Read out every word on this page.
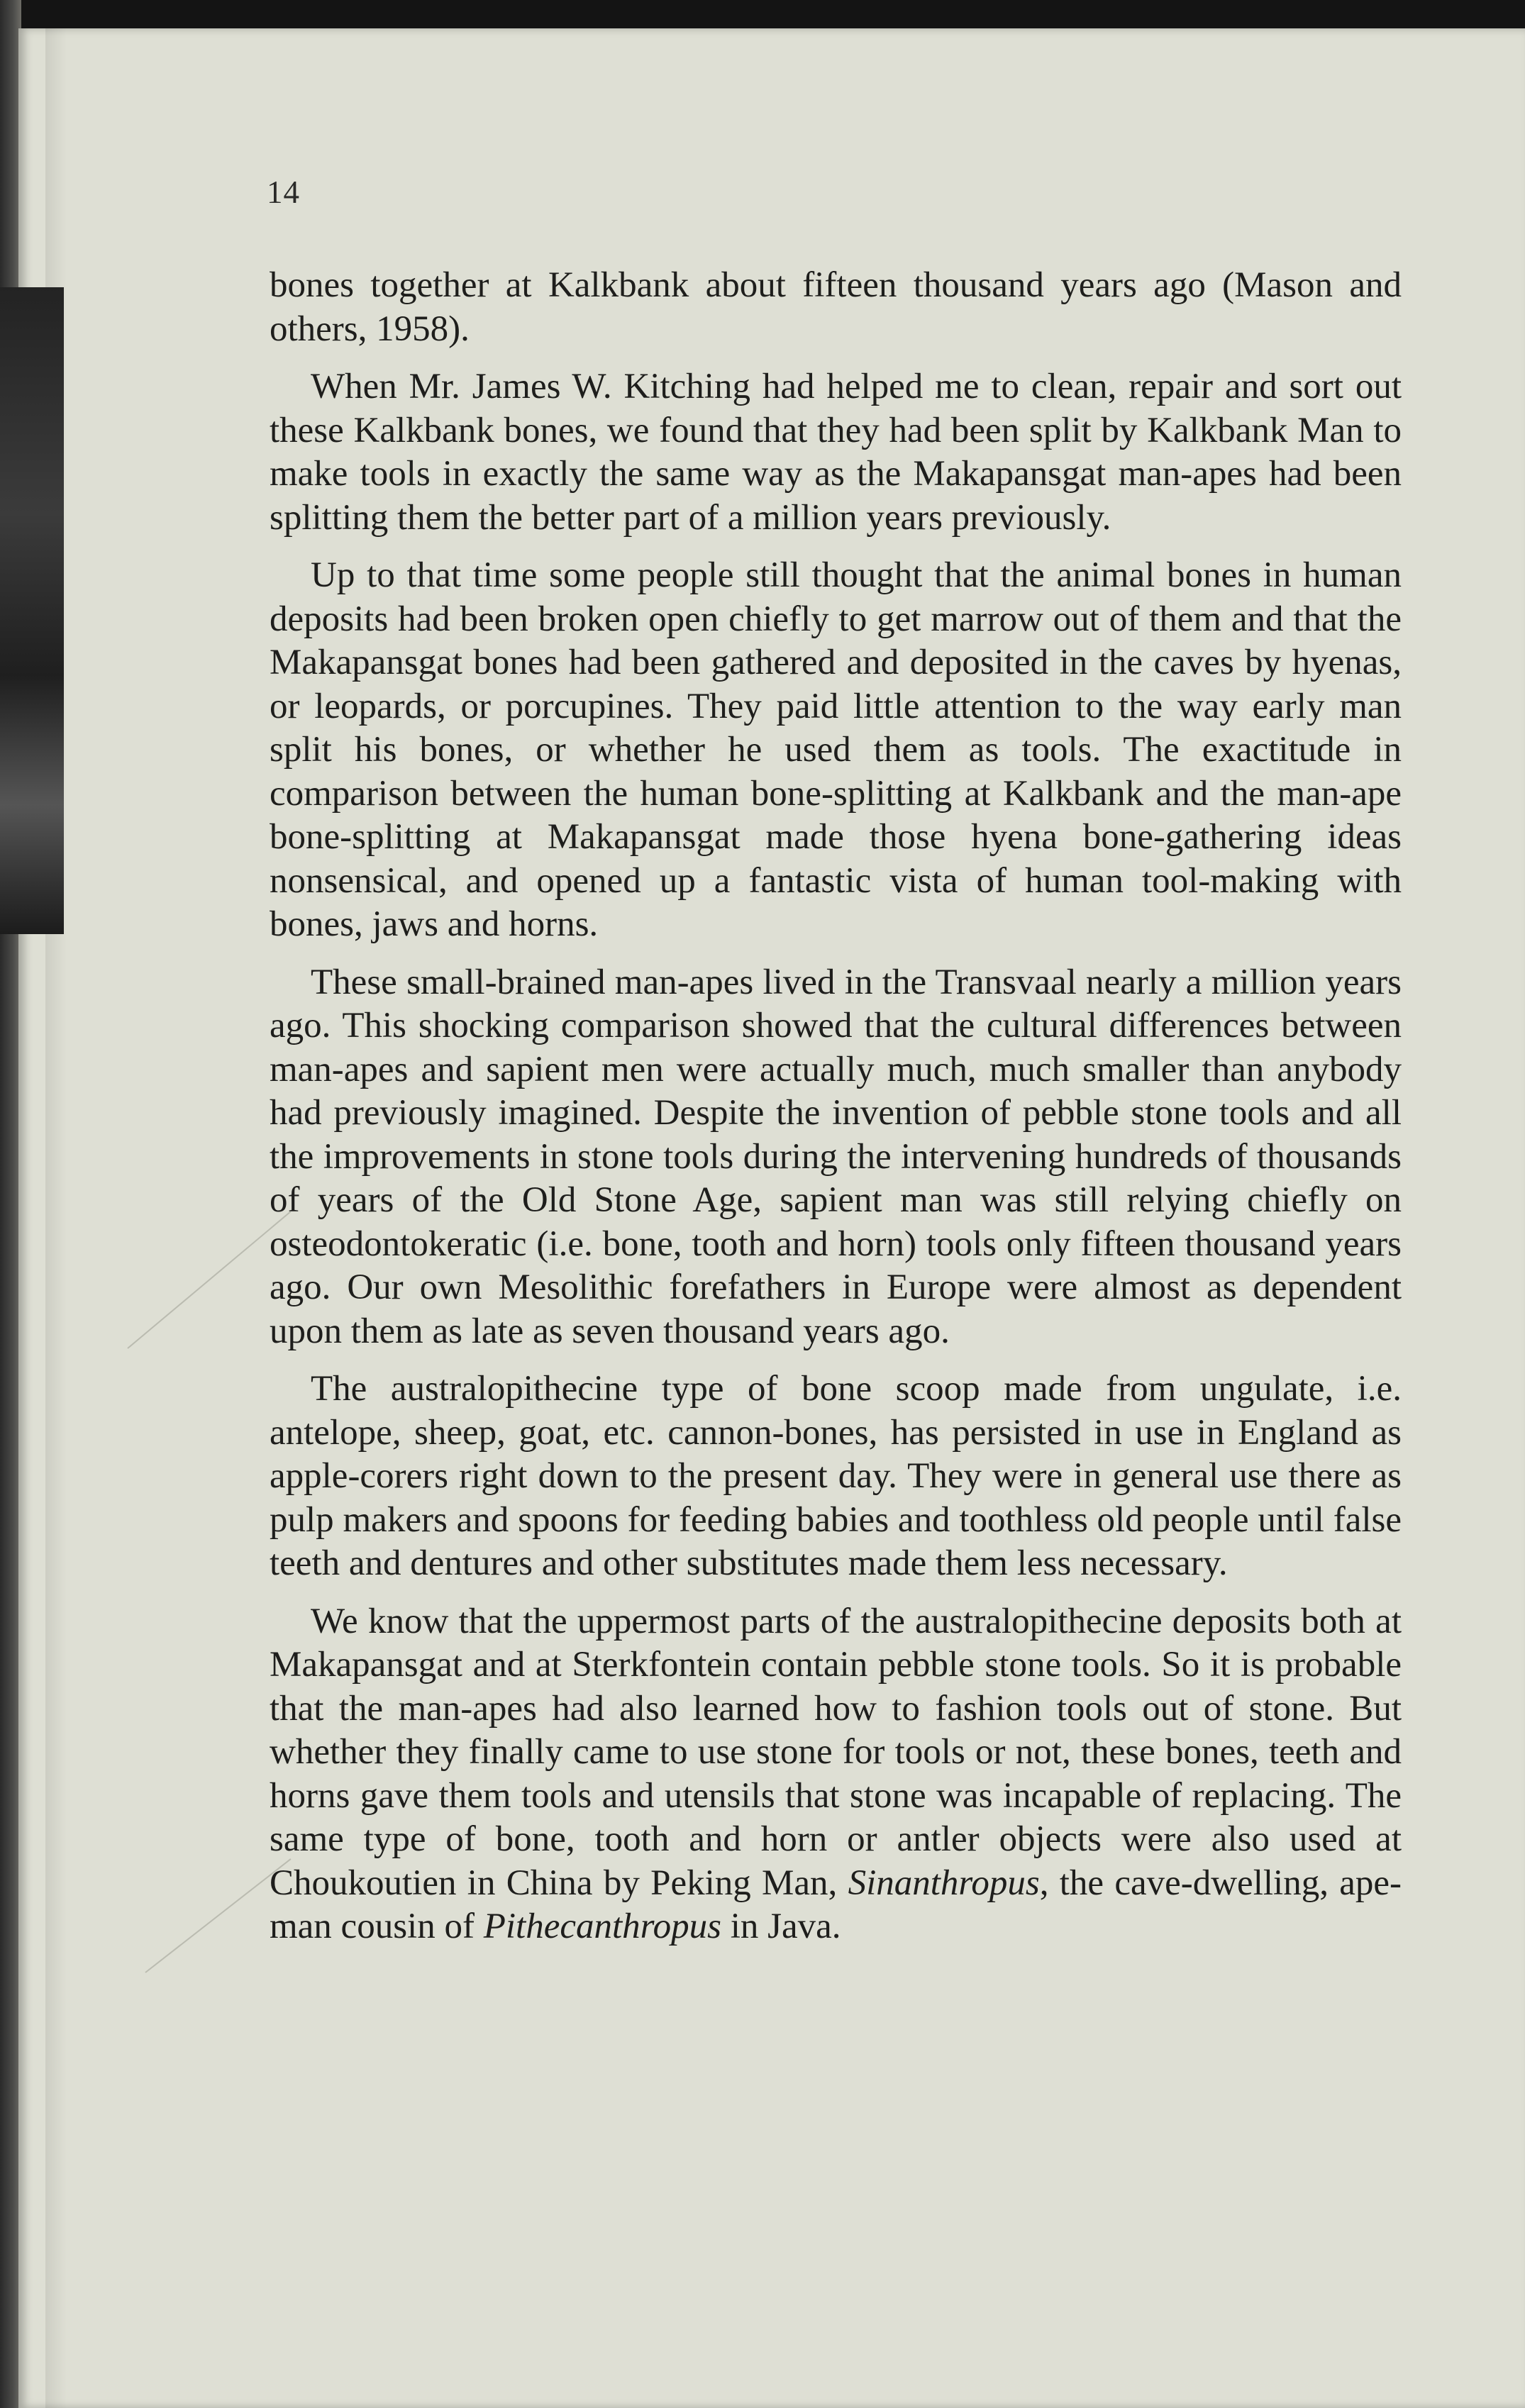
14

bones together at Kalkbank about fifteen thousand years ago (Mason and others, 1958).

When Mr. James W. Kitching had helped me to clean, repair and sort out these Kalkbank bones, we found that they had been split by Kalkbank Man to make tools in exactly the same way as the Makapansgat man-apes had been splitting them the better part of a million years previously.

Up to that time some people still thought that the animal bones in human deposits had been broken open chiefly to get marrow out of them and that the Makapansgat bones had been gathered and deposited in the caves by hyenas, or leopards, or porcupines. They paid little attention to the way early man split his bones, or whether he used them as tools. The exactitude in comparison between the human bone-splitting at Kalkbank and the man-ape bone-splitting at Makapansgat made those hyena bone-gathering ideas nonsensical, and opened up a fantastic vista of human tool-making with bones, jaws and horns.

These small-brained man-apes lived in the Transvaal nearly a million years ago. This shocking comparison showed that the cultural differences between man-apes and sapient men were actually much, much smaller than anybody had previously imagined. Despite the invention of pebble stone tools and all the improvements in stone tools during the intervening hundreds of thousands of years of the Old Stone Age, sapient man was still relying chiefly on osteodontokeratic (i.e. bone, tooth and horn) tools only fifteen thousand years ago. Our own Mesolithic forefathers in Europe were almost as dependent upon them as late as seven thousand years ago.

The australopithecine type of bone scoop made from ungulate, i.e. antelope, sheep, goat, etc. cannon-bones, has persisted in use in England as apple-corers right down to the present day. They were in general use there as pulp makers and spoons for feeding babies and toothless old people until false teeth and dentures and other substitutes made them less necessary.

We know that the uppermost parts of the australopithecine deposits both at Makapansgat and at Sterkfontein contain pebble stone tools. So it is probable that the man-apes had also learned how to fashion tools out of stone. But whether they finally came to use stone for tools or not, these bones, teeth and horns gave them tools and utensils that stone was incapable of replacing. The same type of bone, tooth and horn or antler objects were also used at Choukoutien in China by Peking Man, Sinanthropus, the cave-dwelling, ape-man cousin of Pithecanthropus in Java.
